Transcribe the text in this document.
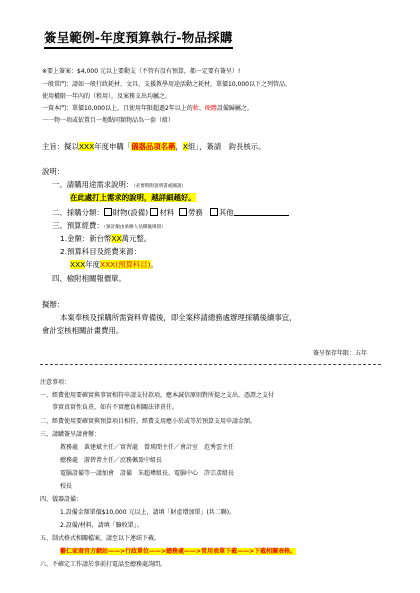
簽呈範例-年度預算執行-物品採購
※要上簽案：$4,000 元以上要動支（不管有沒有預算，都一定要有簽呈）!
一般常門：請如一般行政耗材、文具、支援教學用途活動之耗材，單價10,000以下之列管品、
使用權限一年內的（租用），及案務支出均屬之。
一資本門：單價10,000以上，且使用年限超過2年以上的軟、硬體設備歸屬之。
一一物一項或依置且一地點同類物品為一套（組）
主旨：擬以XXX年度申購「儀器品項名稱，X組」，簽請　鈞長核示。
說明：
一、請購用途需求說明：（必要時附說明書或圖說）
在此處打上需求的說明，越詳細越好。
二、採購分類： 財物(設備) 材料 勞務 其他
三、預算經費：（預計額由承辦人估價後填寫）
1.金額：新台幣XX萬元整。
2.預算科目及經費來源：
XXX年度XXX(預算科目)。
四、檢附相關報價單。
擬辦：
本案奉核及採購所需資料齊備後，即全案移請總務處辦理採購後續事宜，
會計室核相關計畫費用。
簽呈保存年限：五年
注意事項：
一、經費使用要確實與事實相符申請支付款項，應本誠信原則對所提之支出，憑證之支付
事實真實性負責，如有不實應負相關法律責任。
二、經費使用要確實與預算項目相符，經費支用應小於或等於預算支用申請金額。
三、請購簽呈請會辦：
教務處　黃建斌主任／實習處　曾瑛閔主任／會計室　范秀雲主任
總務處　游碧菁主任／庶務佩盈中組長
電腦設備等一請加會　設備　朱超瑋組長、電腦中心　許宗彥組長
校長
四、儀器設備：
1.設備金額單價$10,000 元以上，請填「財產增加單」(共二聯)。
2.設備/材料，請填「驗收單」。
五、制式格式相關檔案，請至以下連結下載。
藝仁家商官方網站——>行政單位——>總務處——>常用表單下載——>下載相關表格。
六、不確定工作請於事前打電話至總務處詢問。
